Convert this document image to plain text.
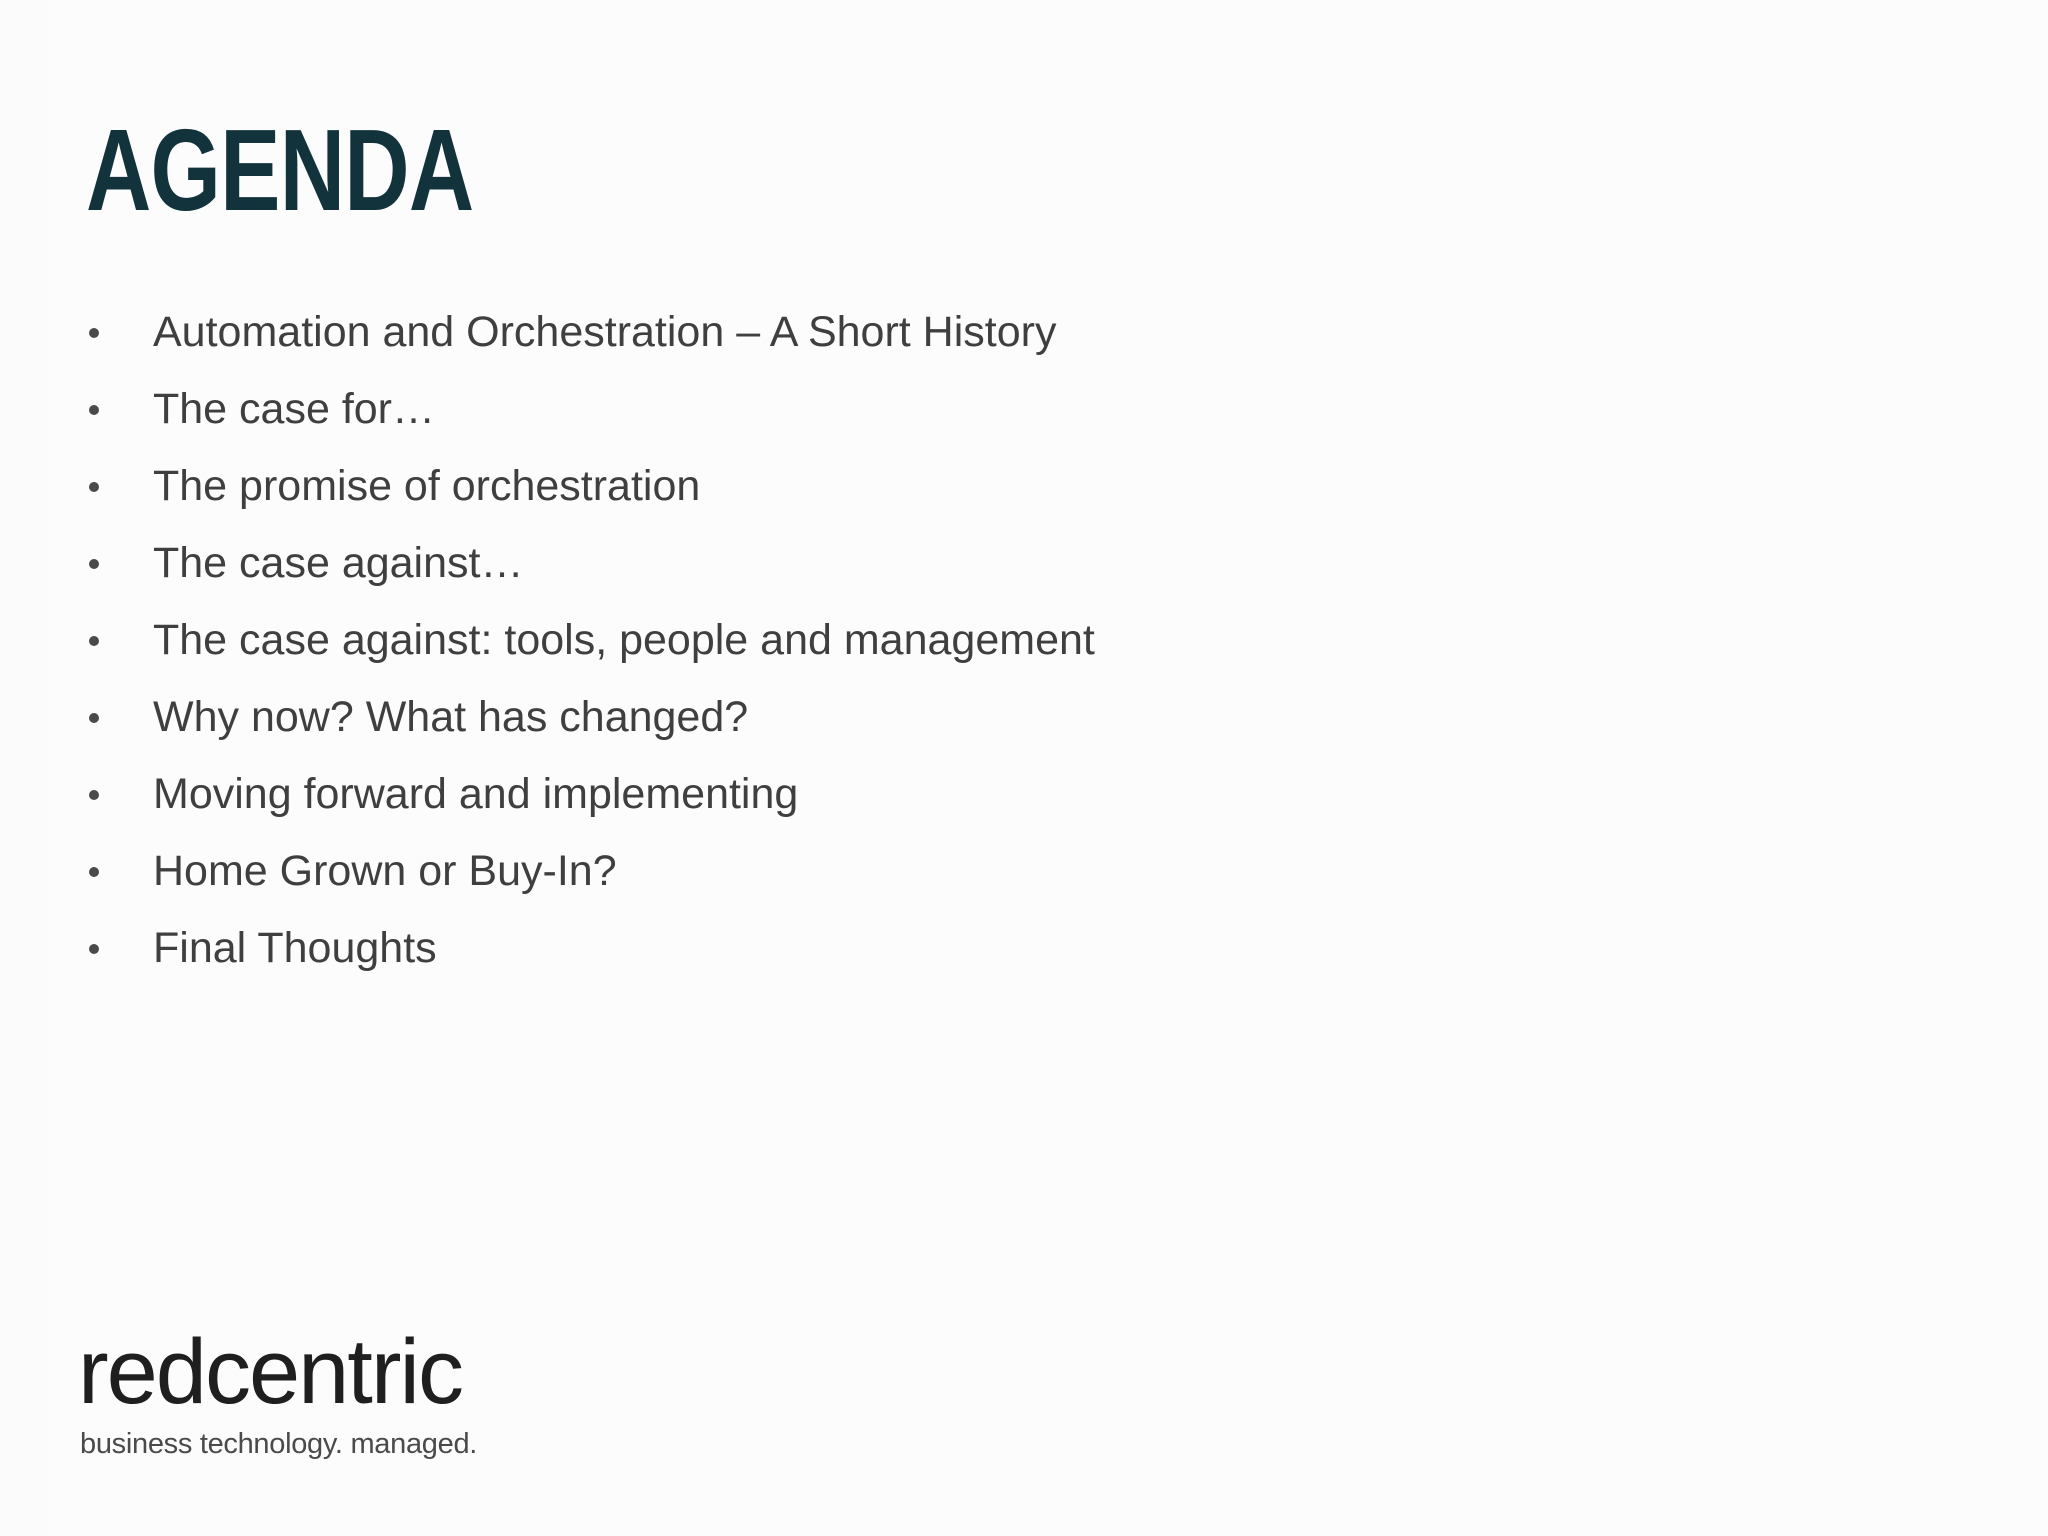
AGENDA
Automation and Orchestration – A Short History
The case for…
The promise of orchestration
The case against…
The case against: tools, people and management
Why now? What has changed?
Moving forward and implementing
Home Grown or Buy-In?
Final Thoughts
redcentric
business technology. managed.
